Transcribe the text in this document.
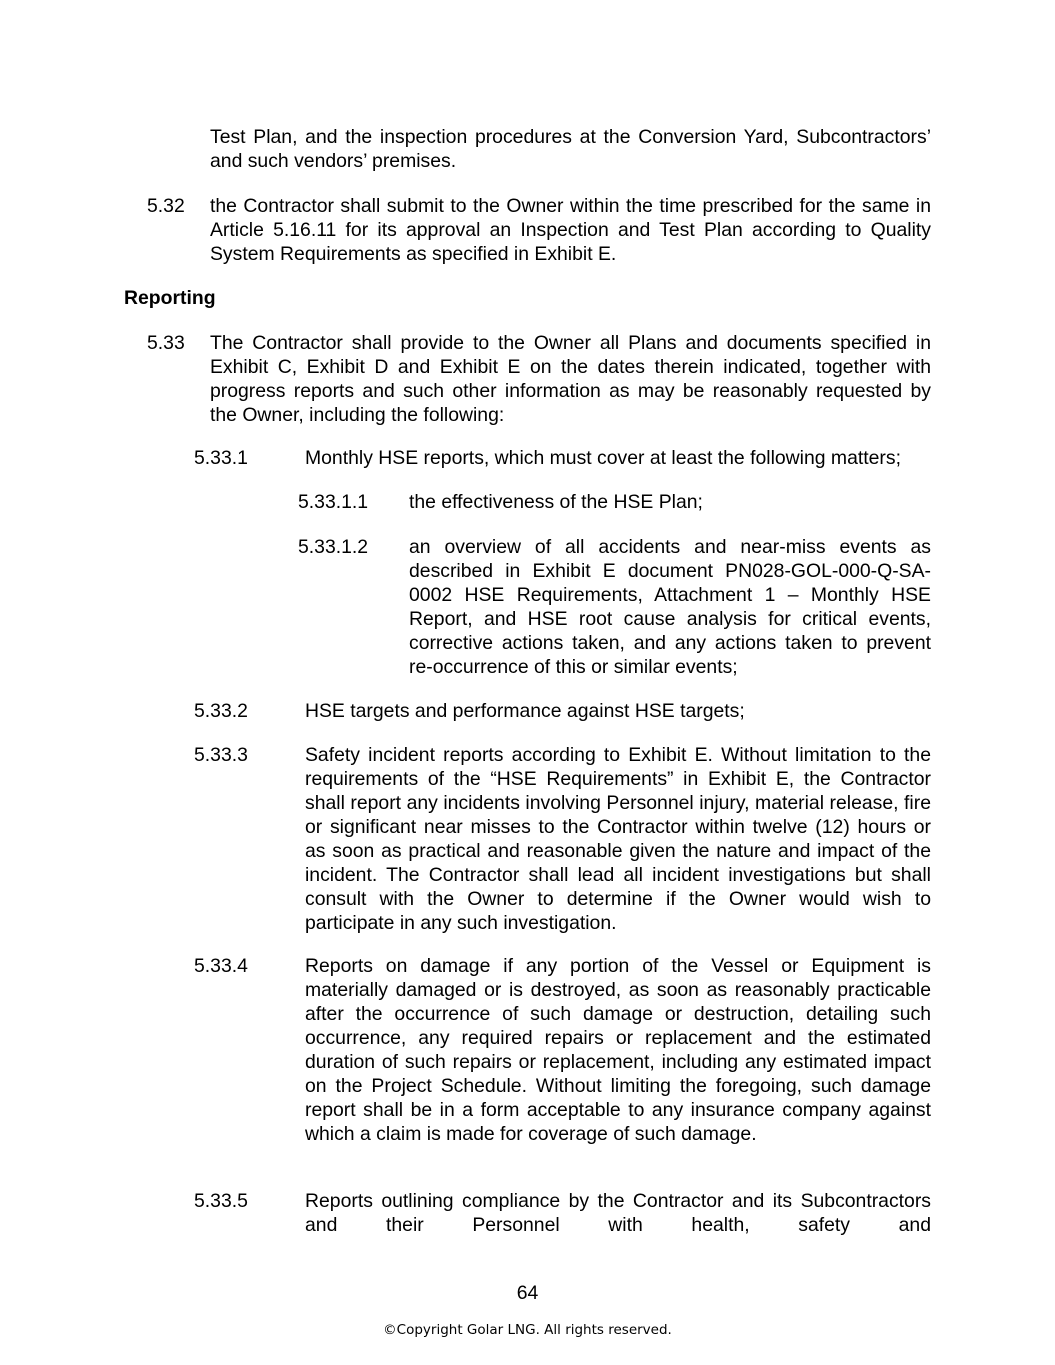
Test Plan, and the inspection procedures at the Conversion Yard, Subcontractors’ and such vendors’ premises.
5.32 the Contractor shall submit to the Owner within the time prescribed for the same in Article 5.16.11 for its approval an Inspection and Test Plan according to Quality System Requirements as specified in Exhibit E.
Reporting
5.33 The Contractor shall provide to the Owner all Plans and documents specified in Exhibit C, Exhibit D and Exhibit E on the dates therein indicated, together with progress reports and such other information as may be reasonably requested by the Owner, including the following:
5.33.1	Monthly HSE reports, which must cover at least the following matters;
5.33.1.1 the effectiveness of the HSE Plan;
5.33.1.2 an overview of all accidents and near-miss events as described in Exhibit E document PN028-GOL-000-Q-SA-0002 HSE Requirements, Attachment 1 – Monthly HSE Report, and HSE root cause analysis for critical events, corrective actions taken, and any actions taken to prevent re-occurrence of this or similar events;
5.33.2	HSE targets and performance against HSE targets;
5.33.3	Safety incident reports according to Exhibit E. Without limitation to the requirements of the “HSE Requirements” in Exhibit E, the Contractor shall report any incidents involving Personnel injury, material release, fire or significant near misses to the Contractor within twelve (12) hours or as soon as practical and reasonable given the nature and impact of the incident. The Contractor shall lead all incident investigations but shall consult with the Owner to determine if the Owner would wish to participate in any such investigation.
5.33.4	Reports on damage if any portion of the Vessel or Equipment is materially damaged or is destroyed, as soon as reasonably practicable after the occurrence of such damage or destruction, detailing such occurrence, any required repairs or replacement and the estimated duration of such repairs or replacement, including any estimated impact on the Project Schedule. Without limiting the foregoing, such damage report shall be in a form acceptable to any insurance company against which a claim is made for coverage of such damage.
5.33.5	Reports outlining compliance by the Contractor and its Subcontractors and their Personnel with health, safety and
64
©Copyright Golar LNG. All rights reserved.
